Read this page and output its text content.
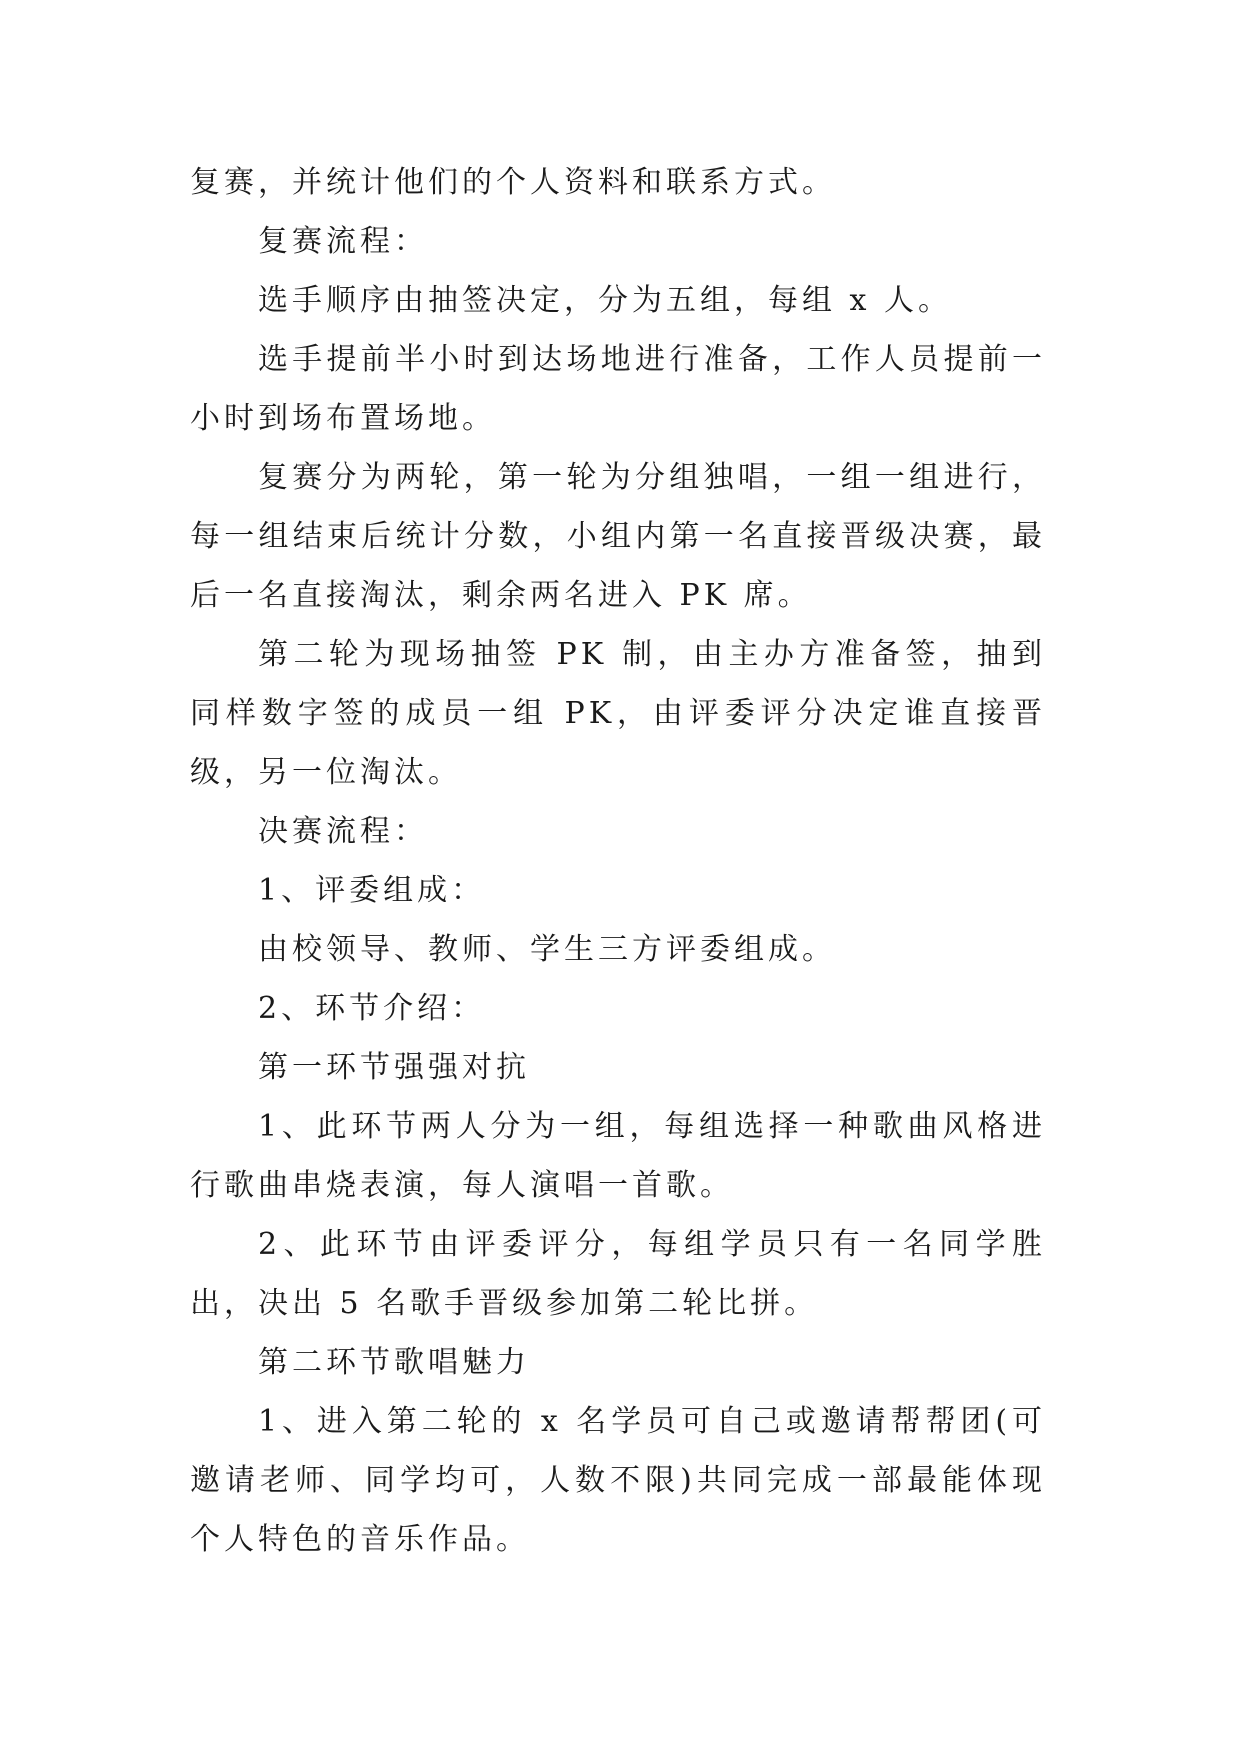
复赛，并统计他们的个人资料和联系方式。

复赛流程：

选手顺序由抽签决定，分为五组，每组 x 人。

选手提前半小时到达场地进行准备，工作人员提前一小时到场布置场地。

复赛分为两轮，第一轮为分组独唱，一组一组进行，每一组结束后统计分数，小组内第一名直接晋级决赛，最后一名直接淘汰，剩余两名进入 PK 席。

第二轮为现场抽签 PK 制，由主办方准备签，抽到同样数字签的成员一组 PK，由评委评分决定谁直接晋级，另一位淘汰。

决赛流程：

1、评委组成：

由校领导、教师、学生三方评委组成。

2、环节介绍：

第一环节强强对抗

1、此环节两人分为一组，每组选择一种歌曲风格进行歌曲串烧表演，每人演唱一首歌。

2、此环节由评委评分，每组学员只有一名同学胜出，决出 5 名歌手晋级参加第二轮比拼。

第二环节歌唱魅力

1、进入第二轮的 x 名学员可自己或邀请帮帮团(可邀请老师、同学均可，人数不限)共同完成一部最能体现个人特色的音乐作品。
